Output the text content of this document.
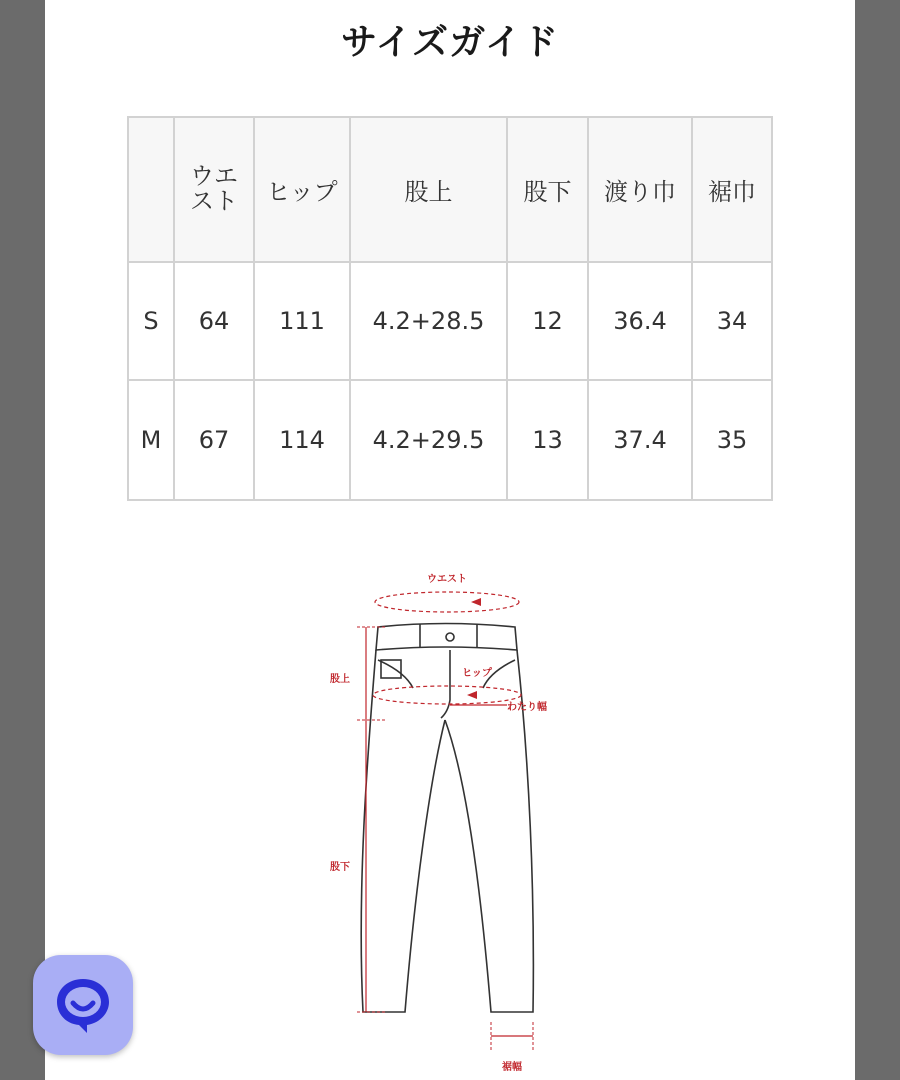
サイズガイド
	ウエスト	ヒップ	股上	股下	渡り巾	裾巾
S	64	111	4.2+28.5	12	36.4	34
M	67	114	4.2+29.5	13	37.4	35
ウエスト
ヒップ
わたり幅
股上
股下
裾幅
